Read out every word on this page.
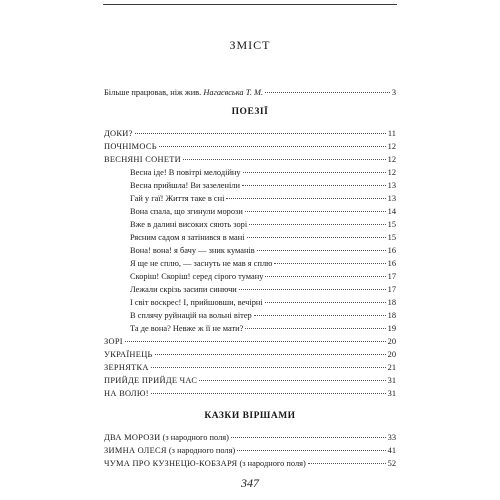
ЗМІСТ
Більше працював, ніж жив. Нагаєвська Т. М.	3
ПОЕЗІЇ
ДОКИ?	11
ПОЧНІМОСЬ	12
ВЕСНЯНІ СОНЕТИ	12
Весна іде! В повітрі мелодійну	12
Весна прийшла! Ви зазеленіли	13
Гай у гаї! Життя таке в сні	13
Вона спала, що згинули морози	14
Вже в далині високих сяють зорі	15
Рясним садом я затінився в мані	15
Вона! вона! я бачу — зник куманів	16
Я ще не сплю, — заснуть не мав я сплю	16
Скоріш! Скоріш! серед сірого туману	17
Лежали скрізь засипи синючи	17
І світ воскрес! І, прийшовши, вечірні	18
В сплячу руйнацій на вольні вітер	18
Та де вона? Невже ж її не мати?	19
ЗОРІ	20
УКРАЇНЕЦЬ	20
ЗЕРНЯТКА	21
ПРИЙДЕ ПРИЙДЕ ЧАС	31
НА ВОЛЮ!	31
КАЗКИ ВІРШАМИ
ДВА МОРОЗИ (з народного поля)	33
ЗИМНА ОЛЕСЯ (з народного поля)	41
ЧУМА ПРО КУЗНЕЦЮ-КОБЗАРЯ (з народного поля)	52
347
